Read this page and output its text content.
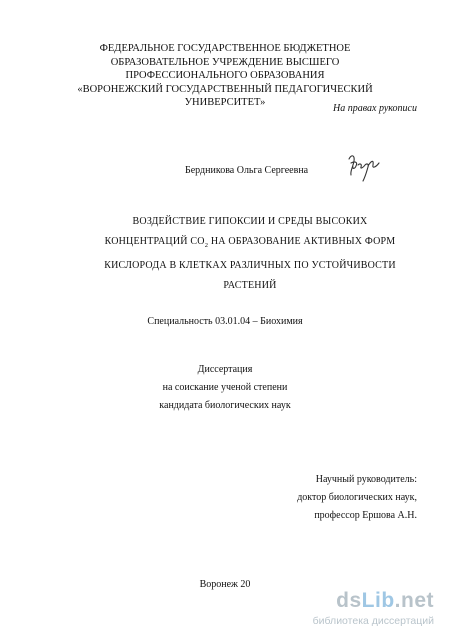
ФЕДЕРАЛЬНОЕ ГОСУДАРСТВЕННОЕ БЮДЖЕТНОЕ
ОБРАЗОВАТЕЛЬНОЕ УЧРЕЖДЕНИЕ ВЫСШЕГО
ПРОФЕССИОНАЛЬНОГО ОБРАЗОВАНИЯ
«ВОРОНЕЖСКИЙ ГОСУДАРСТВЕННЫЙ ПЕДАГОГИЧЕСКИЙ
УНИВЕРСИТЕТ»
На правах рукописи
Бердникова Ольга Сергеевна
ВОЗДЕЙСТВИЕ ГИПОКСИИ И СРЕДЫ ВЫСОКИХ
КОНЦЕНТРАЦИЙ $СО_2$ НА ОБРАЗОВАНИЕ АКТИВНЫХ ФОРМ
КИСЛОРОДА В КЛЕТКАХ РАЗЛИЧНЫХ ПО УСТОЙЧИВОСТИ
РАСТЕНИЙ
Специальность 03.01.04 – Биохимия
Диссертация
на соискание ученой степени
кандидата биологических наук
Научный руководитель:
доктор биологических наук,
профессор Ершова А.Н.
Воронеж 20
dsLib.net
библиотека диссертаций
